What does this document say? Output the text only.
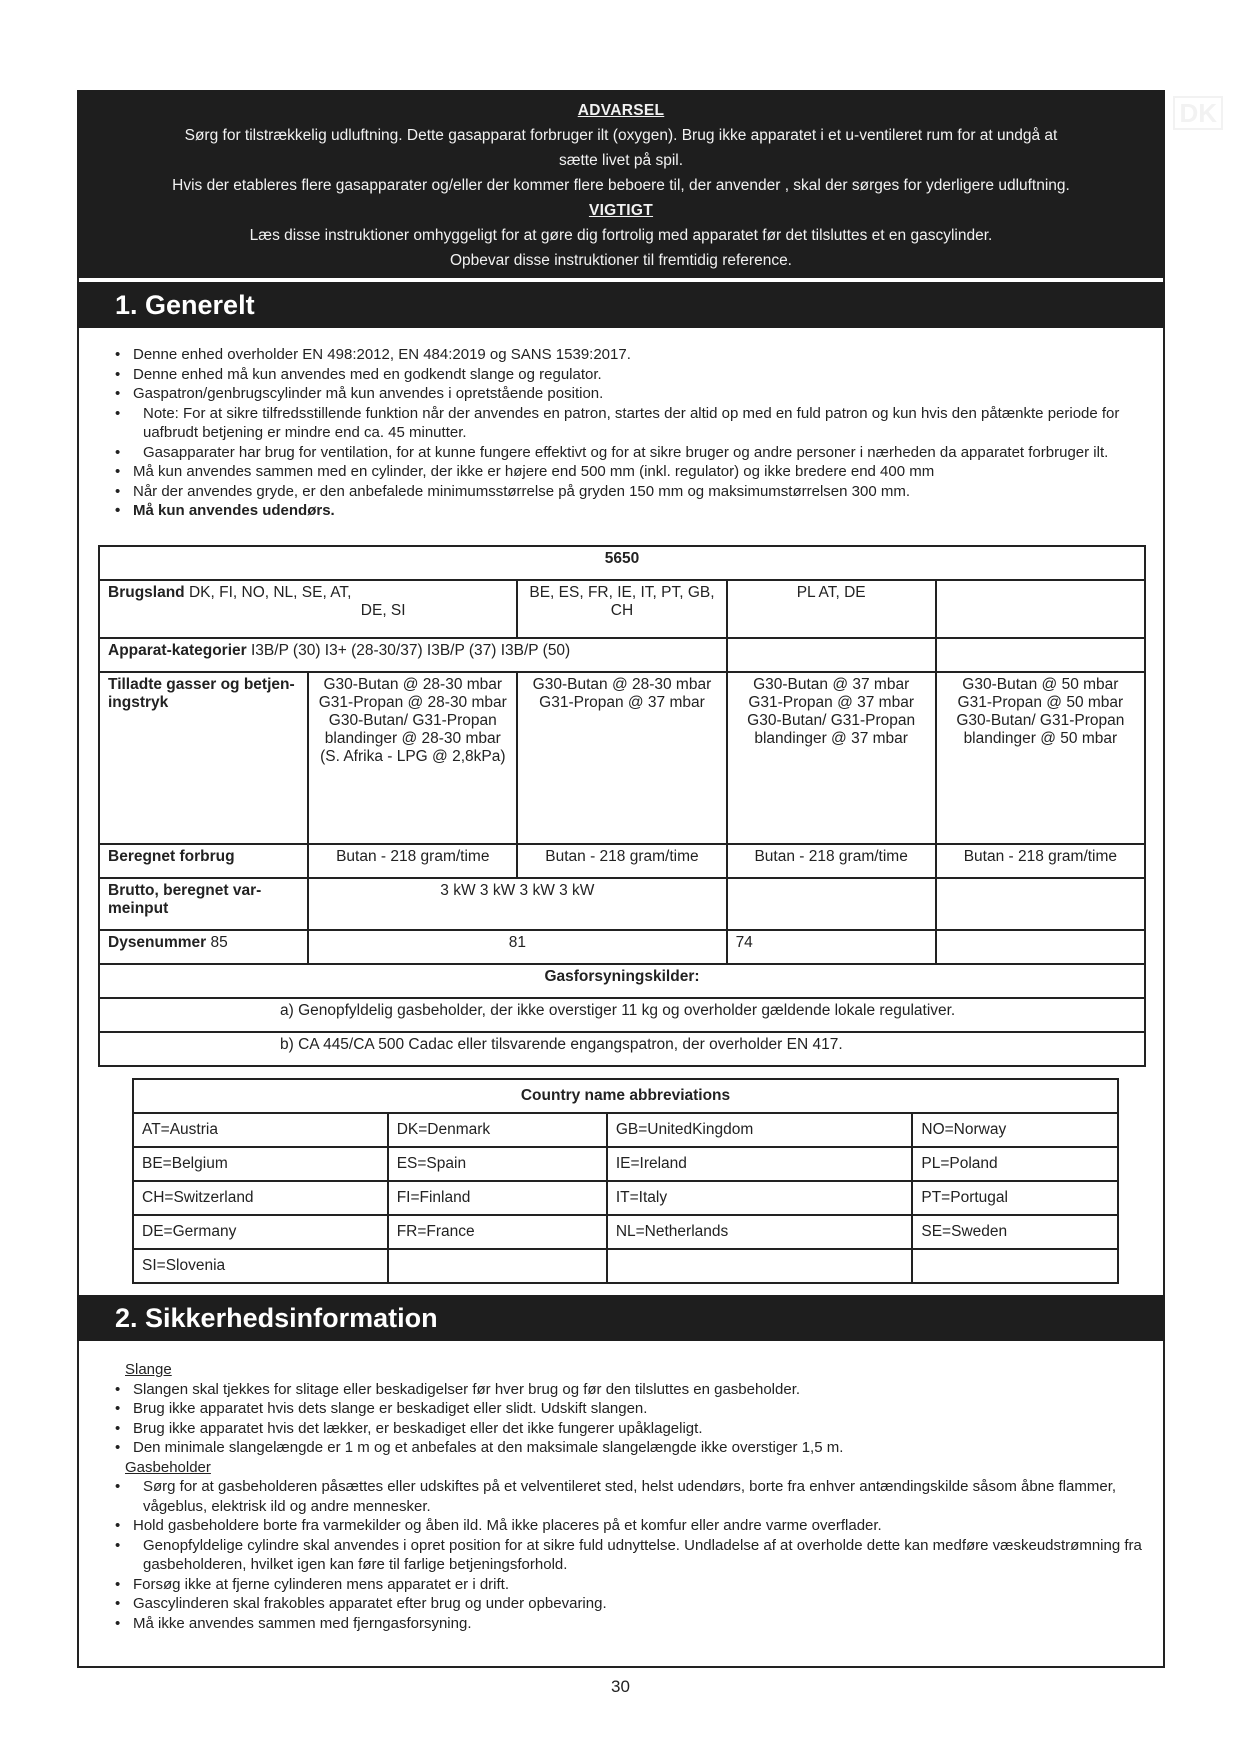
ADVARSEL
Sørg for tilstrækkelig udluftning. Dette gasapparat forbruger ilt (oxygen). Brug ikke apparatet i et u-ventileret rum for at undgå at
sætte livet på spil.
Hvis der etableres flere gasapparater og/eller der kommer flere beboere til, der anvender , skal der sørges for yderligere udluftning.
VIGTIGT
Læs disse instruktioner omhyggeligt for at gøre dig fortrolig med apparatet før det tilsluttes et en gascylinder.
Opbevar disse instruktioner til fremtidig reference.
DK
1. Generelt
• Denne enhed overholder EN 498:2012, EN 484:2019 og SANS 1539:2017.
• Denne enhed må kun anvendes med en godkendt slange og regulator.
• Gaspatron/genbrugscylinder må kun anvendes i opretstående position.
• Note: For at sikre tilfredsstillende funktion når der anvendes en patron, startes der altid op med en fuld patron og kun hvis den påtænkte periode for uafbrudt betjening er mindre end ca. 45 minutter.
• Gasapparater har brug for ventilation, for at kunne fungere effektivt og for at sikre bruger og andre personer i nærheden da apparatet forbruger ilt.
• Må kun anvendes sammen med en cylinder, der ikke er højere end 500 mm (inkl. regulator) og ikke bredere end 400 mm
• Når der anvendes gryde, er den anbefalede minimumsstørrelse på gryden 150 mm og maksimumstørrelsen 300 mm.
• Må kun anvendes udendørs.
5650				
Brugsland DK, FI, NO, NL, SE, AT,
DE, SI		BE, ES, FR, IE, IT, PT, GB, CH	PL AT, DE	
Apparat-kategorier I3B/P (30) I3+ (28-30/37) I3B/P (37) I3B/P (50)				
Tilladte gasser og betjen-ingstryk	G30-Butan @ 28-30 mbar G31-Propan @ 28-30 mbar G30-Butan/ G31-Propan blandinger @ 28-30 mbar (S. Afrika - LPG @ 2,8kPa)	G30-Butan @ 28-30 mbar G31-Propan @ 37 mbar	G30-Butan @ 37 mbar G31-Propan @ 37 mbar G30-Butan/ G31-Propan blandinger @ 37 mbar	G30-Butan @ 50 mbar G31-Propan @ 50 mbar G30-Butan/ G31-Propan blandinger @ 50 mbar
Beregnet forbrug	Butan - 218 gram/time	Butan - 218 gram/time	Butan - 218 gram/time	Butan - 218 gram/time
Brutto, beregnet var-meinput	3 kW 3 kW 3 kW 3 kW			
Dysenummer 85	81		74	
Gasforsyningskilder:				
a) Genopfyldelig gasbeholder, der ikke overstiger 11 kg og overholder gældende lokale regulativer.				
b) CA 445/CA 500 Cadac eller tilsvarende engangspatron, der overholder EN 417.				
Country name abbreviations			
AT=Austria	DK=Denmark	GB=UnitedKingdom	NO=Norway
BE=Belgium	ES=Spain	IE=Ireland	PL=Poland
CH=Switzerland	FI=Finland	IT=Italy	PT=Portugal
DE=Germany	FR=France	NL=Netherlands	SE=Sweden
SI=Slovenia			
2. Sikkerhedsinformation
Slange
• Slangen skal tjekkes for slitage eller beskadigelser før hver brug og før den tilsluttes en gasbeholder.
• Brug ikke apparatet hvis dets slange er beskadiget eller slidt. Udskift slangen.
• Brug ikke apparatet hvis det lækker, er beskadiget eller det ikke fungerer upåklageligt.
• Den minimale slangelængde er 1 m og et anbefales at den maksimale slangelængde ikke overstiger 1,5 m.
Gasbeholder
• Sørg for at gasbeholderen påsættes eller udskiftes på et velventileret sted, helst udendørs, borte fra enhver antændingskilde såsom åbne flammer, vågeblus, elektrisk ild og andre mennesker.
• Hold gasbeholdere borte fra varmekilder og åben ild. Må ikke placeres på et komfur eller andre varme overflader.
• Genopfyldelige cylindre skal anvendes i opret position for at sikre fuld udnyttelse. Undladelse af at overholde dette kan medføre væskeudstrømning fra gasbeholderen, hvilket igen kan føre til farlige betjeningsforhold.
• Forsøg ikke at fjerne cylinderen mens apparatet er i drift.
• Gascylinderen skal frakobles apparatet efter brug og under opbevaring.
• Må ikke anvendes sammen med fjerngasforsyning.
30
